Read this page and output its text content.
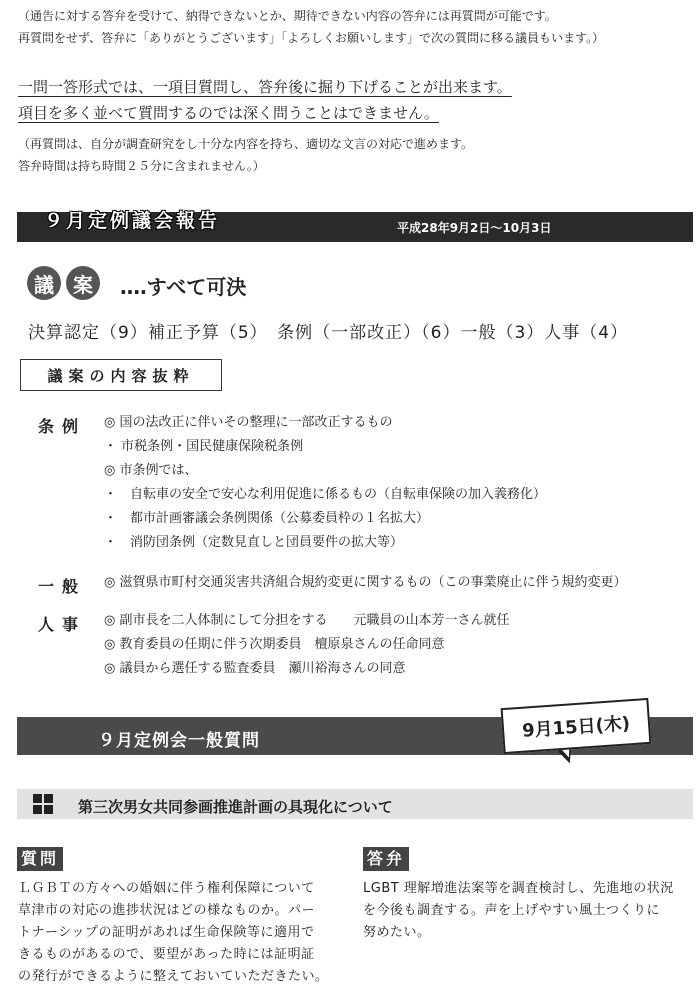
（通告に対する答弁を受けて、納得できないとか、期待できない内容の答弁には再質問が可能です。
再質問をせず、答弁に「ありがとうございます」「よろしくお願いします」で次の質問に移る議員もいます。）
一問一答形式では、一項目質問し、答弁後に掘り下げることが出来ます。
項目を多く並べて質問するのでは深く問うことはできません。
（再質問は、自分が調査研究をし十分な内容を持ち、適切な文言の対応で進めます。
答弁時間は持ち時間２５分に含まれません。）
９月定例議会報告	平成28年9月2日～10月3日
議 案	‥‥すべて可決
決算認定（9）補正予算（5）　条例（一部改正）（6）一般（3）人事（4）
議案の内容抜粋
条例 ◎ 国の法改正に伴いその整理に一部改正するもの
・ 市税条例・国民健康保険税条例
◎ 市条例では、
・　自転車の安全で安心な利用促進に係るもの（自転車保険の加入義務化）
・　都市計画審議会条例関係（公募委員枠の１名拡大）
・　消防団条例（定数見直しと団員要件の拡大等）
一般 ◎ 滋賀県市町村交通災害共済組合規約変更に関するもの（この事業廃止に伴う規約変更）
人事 ◎ 副市長を二人体制にして分担をする　　元職員の山本芳一さん就任
◎ 教育委員の任期に伴う次期委員　檀原泉さんの任命同意
◎ 議員から選任する監査委員　瀬川裕海さんの同意
９月定例会一般質問	9月15日(木)
第三次男女共同参画推進計画の具現化について
質問	答弁
ＬＧＢＴの方々への婚姻に伴う権利保障について
草津市の対応の進捗状況はどの様なものか。パー
トナーシップの証明があれば生命保険等に適用で
きるものがあるので、要望があった時には証明証
の発行ができるように整えておいていただきたい。
LGBT 理解増進法案等を調査検討し、先進地の状況
を今後も調査する。声を上げやすい風土つくりに
努めたい。
